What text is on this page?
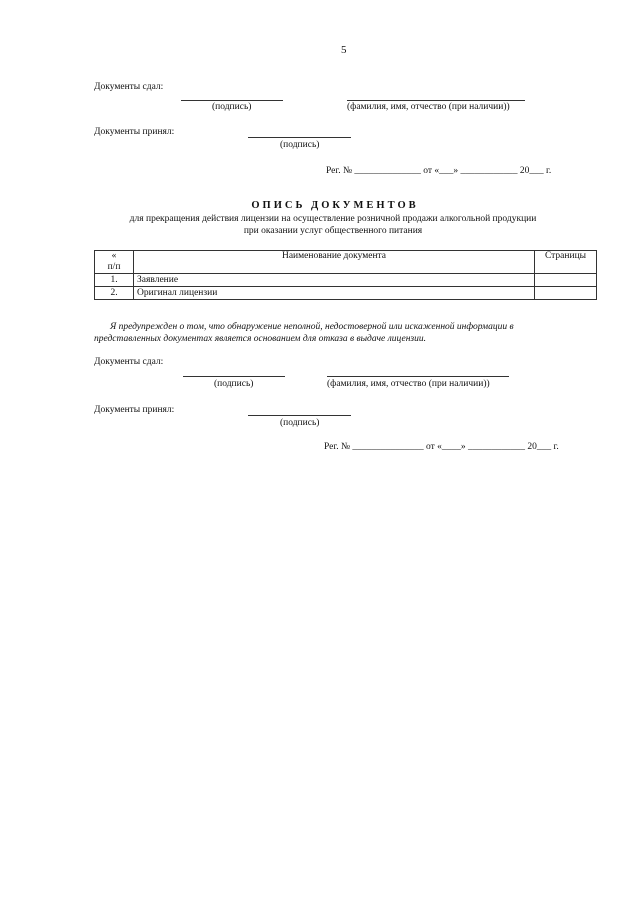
5
Документы сдал:
(подпись)	(фамилия, имя, отчество (при наличии))
Документы принял:
(подпись)
Рег. № ______________ от «___» ____________ 20___ г.
ОПИСЬ ДОКУМЕНТОВ
для прекращения действия лицензии на осуществление розничной продажи алкогольной продукции
при оказании услуг общественного питания
«
п/п	Наименование документа	Страницы
1.	Заявление	
2.	Оригинал лицензии	
Я предупрежден о том, что обнаружение неполной, недостоверной или искаженной информации в
представленных документах является основанием для отказа в выдаче лицензии.
Документы сдал:
(подпись)	(фамилия, имя, отчество (при наличии))
Документы принял:
(подпись)
Рег. № _______________ от «____» ____________ 20___ г.
